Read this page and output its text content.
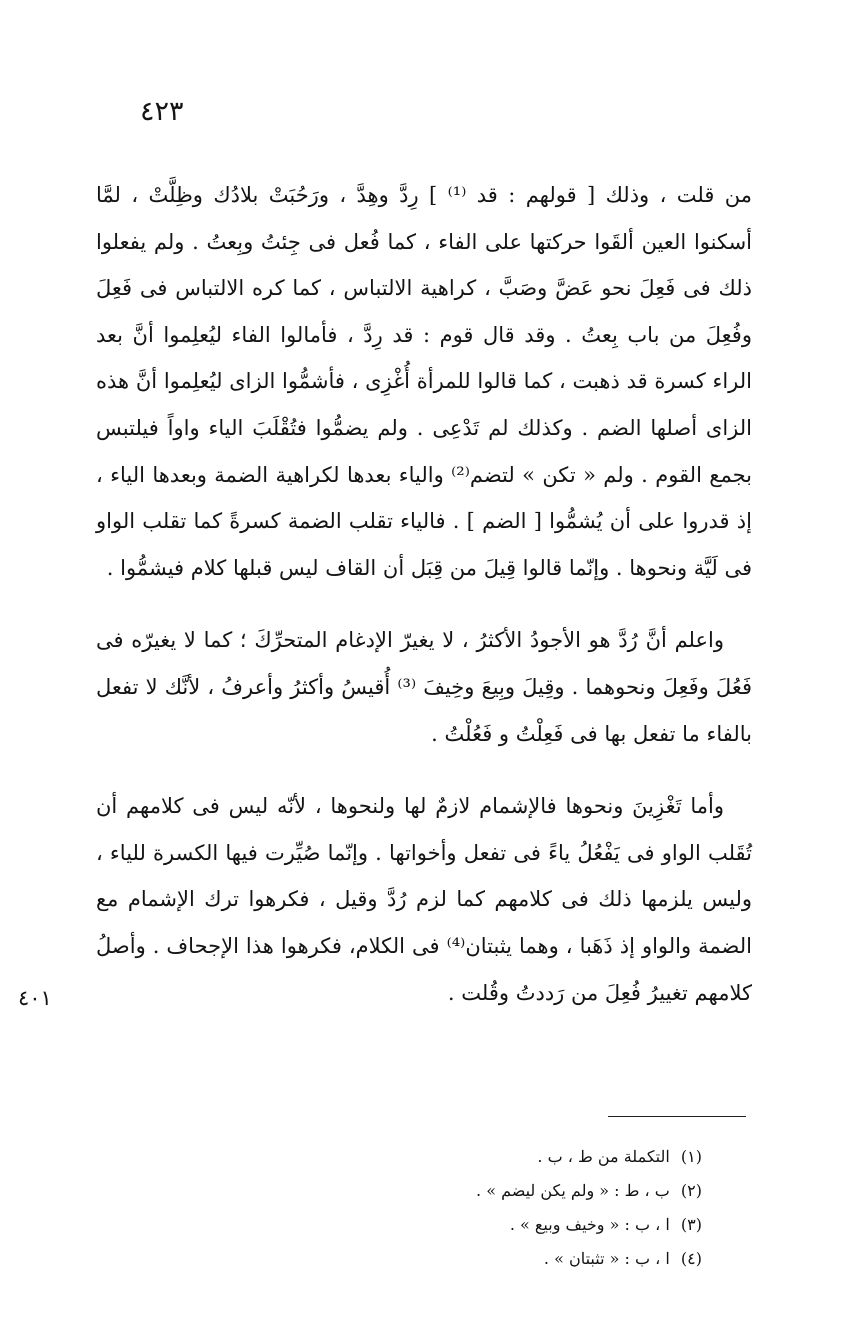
٤٢٣

من قلت ، وذلك [ قولهم : قد ⁽¹⁾ ] رِدَّ وهِدَّ ، ورَحُبَتْ بلادُك وظِلَّتْ ، لمَّا أسكنوا العين ألقَوا حركتها على الفاء ، كما فُعل فى جِئتُ وبِعتُ . ولم يفعلوا ذلك فى فَعِلَ نحو عَضَّ وصَبَّ ، كراهية الالتباس ، كما كره الالتباس فى فَعِلَ وفُعِلَ من باب بِعتُ . وقد قال قوم : قد رِدَّ ، فأمالوا الفاء ليُعلِموا أنَّ بعد الراء كسرة قد ذهبت ، كما قالوا للمرأة أُغْزِى ، فأشمُّوا الزاى ليُعلِموا أنَّ هذه الزاى أصلها الضم . وكذلك لم تَدْعِى . ولم يضمُّوا فتُقْلَبَ الياء واواً فيلتبس بجمع القوم . ولم « تكن » لتضم⁽²⁾ والياء بعدها لكراهية الضمة وبعدها الياء ، إذ قدروا على أن يُشمُّوا [ الضم ] . فالياء تقلب الضمة كسرةً كما تقلب الواو فى لَيَّة ونحوها . وإنّما قالوا قِيلَ من قِبَل أن القاف ليس قبلها كلام فيشمُّوا .

واعلم أنَّ رُدَّ هو الأجودُ الأكثرُ ، لا يغيرّ الإدغام المتحرِّكَ ؛ كما لا يغيرّه فى فَعُلَ وفَعِلَ ونحوهما . وقِيلَ وبِيعَ وخِيفَ ⁽³⁾ أُقيسُ وأكثرُ وأعرفُ ، لأنَّك لا تفعل بالفاء ما تفعل بها فى فَعِلْتُ و فَعُلْتُ .

وأما تَغْزِينَ ونحوها فالإشمام لازمٌ لها ولنحوها ، لأنّه ليس فى كلامهم أن تُقَلب الواو فى يَفْعُلُ ياءً فى تفعل وأخواتها . وإنّما صُيِّرت فيها الكسرة للياء ، وليس يلزمها ذلك فى كلامهم كما لزم رُدَّ وقيل ، فكرهوا ترك الإشمام مع الضمة والواو إذ ذَهَبا ، وهما يثبتان⁽⁴⁾ فى الكلام، فكرهوا هذا الإجحاف . وأصلُ كلامهم تغييرُ فُعِلَ من رَددتُ وقُلت .

٤٠١
(١) التكملة من ط ، ب .
(٢) ب ، ط : « ولم يكن ليضم » .
(٣) ا ، ب : « وخيف وبيع » .
(٤) ا ، ب : « تثبتان » .
